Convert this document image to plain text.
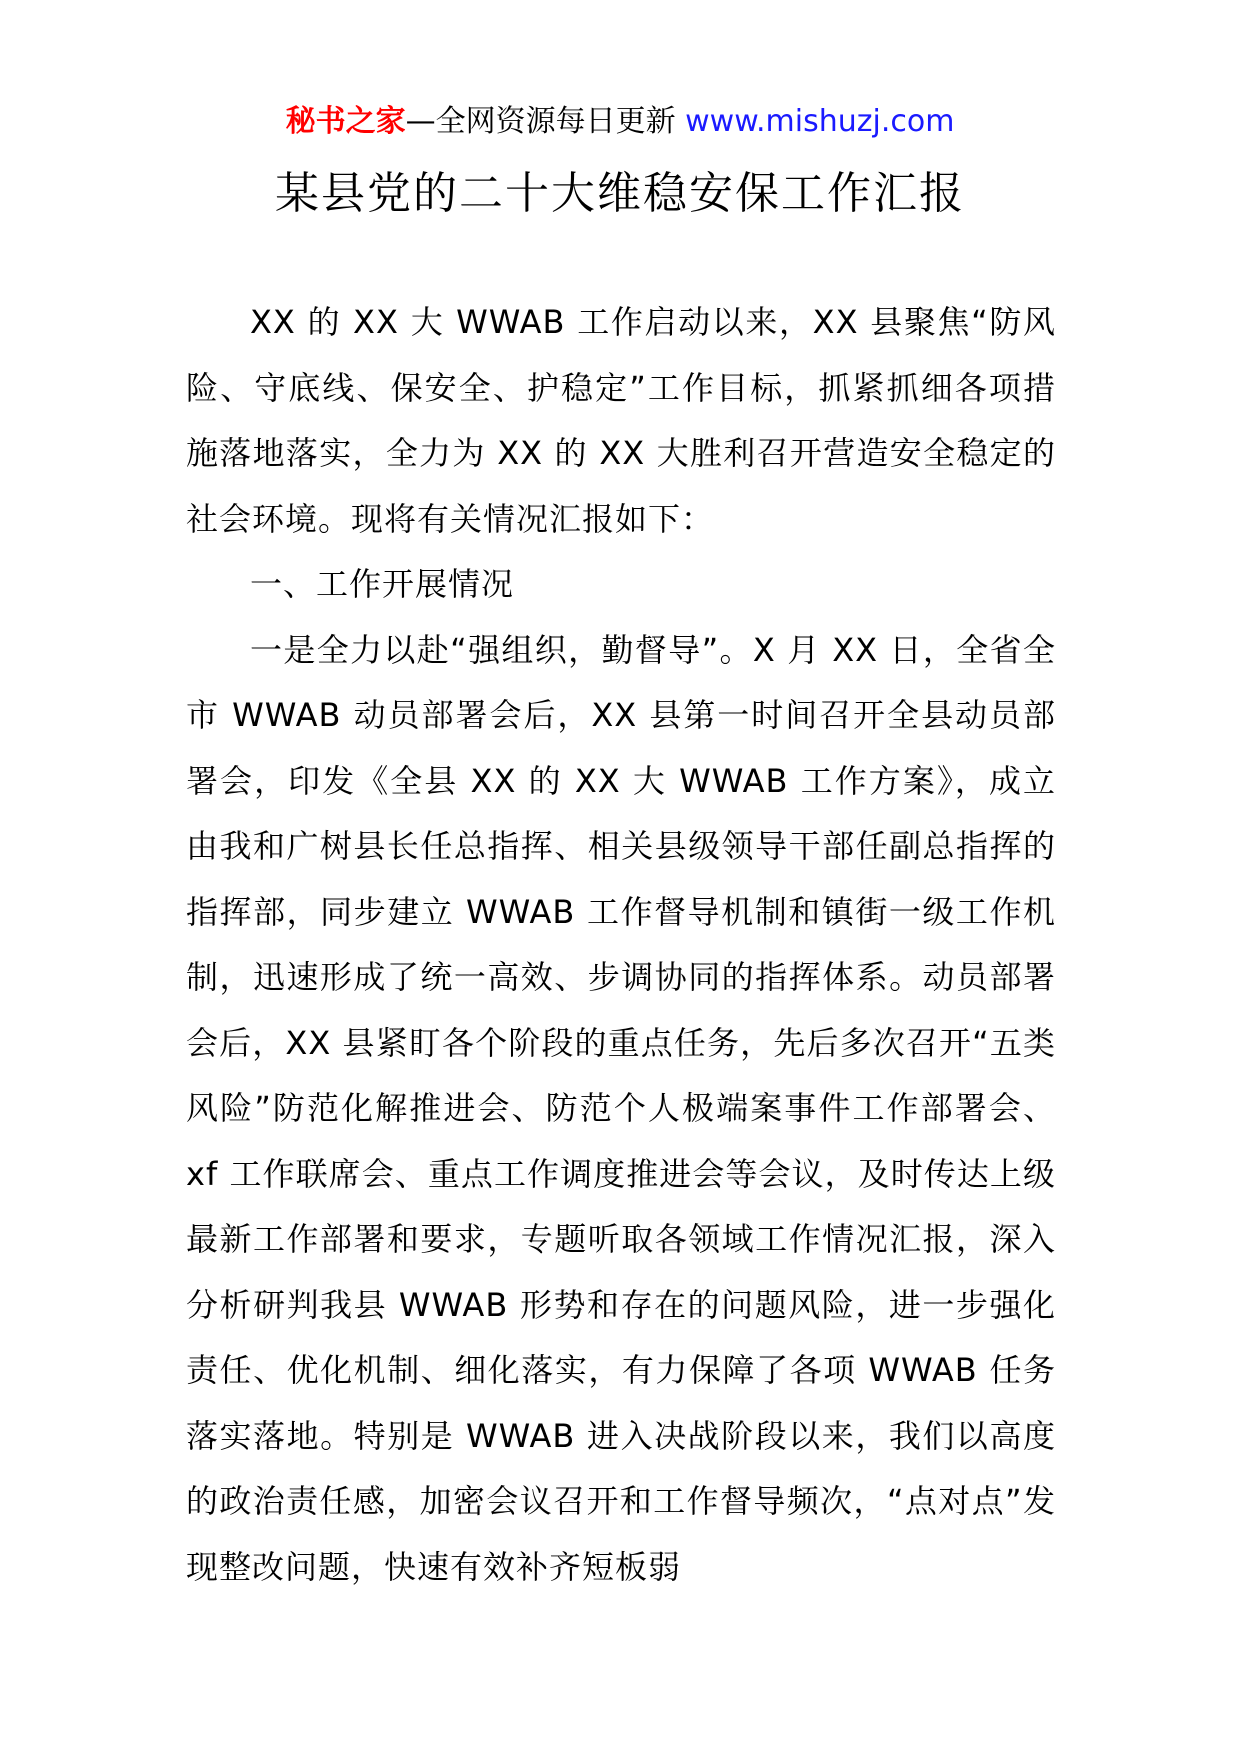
秘书之家—全网资源每日更新 www.mishuzj.com
某县党的二十大维稳安保工作汇报

XX 的 XX 大 WWAB 工作启动以来，XX 县聚焦“防风险、守底线、保安全、护稳定”工作目标，抓紧抓细各项措施落地落实，全力为 XX 的 XX 大胜利召开营造安全稳定的社会环境。现将有关情况汇报如下：

一、工作开展情况

一是全力以赴“强组织，勤督导”。X 月 XX 日，全省全市 WWAB 动员部署会后，XX 县第一时间召开全县动员部署会，印发《全县 XX 的 XX 大 WWAB 工作方案》，成立由我和广树县长任总指挥、相关县级领导干部任副总指挥的指挥部，同步建立 WWAB 工作督导机制和镇街一级工作机制，迅速形成了统一高效、步调协同的指挥体系。动员部署会后，XX 县紧盯各个阶段的重点任务，先后多次召开“五类风险”防范化解推进会、防范个人极端案事件工作部署会、xf 工作联席会、重点工作调度推进会等会议，及时传达上级最新工作部署和要求，专题听取各领域工作情况汇报，深入分析研判我县 WWAB 形势和存在的问题风险，进一步强化责任、优化机制、细化落实，有力保障了各项 WWAB 任务落实落地。特别是 WWAB 进入决战阶段以来，我们以高度的政治责任感，加密会议召开和工作督导频次，“点对点”发现整改问题，快速有效补齐短板弱
